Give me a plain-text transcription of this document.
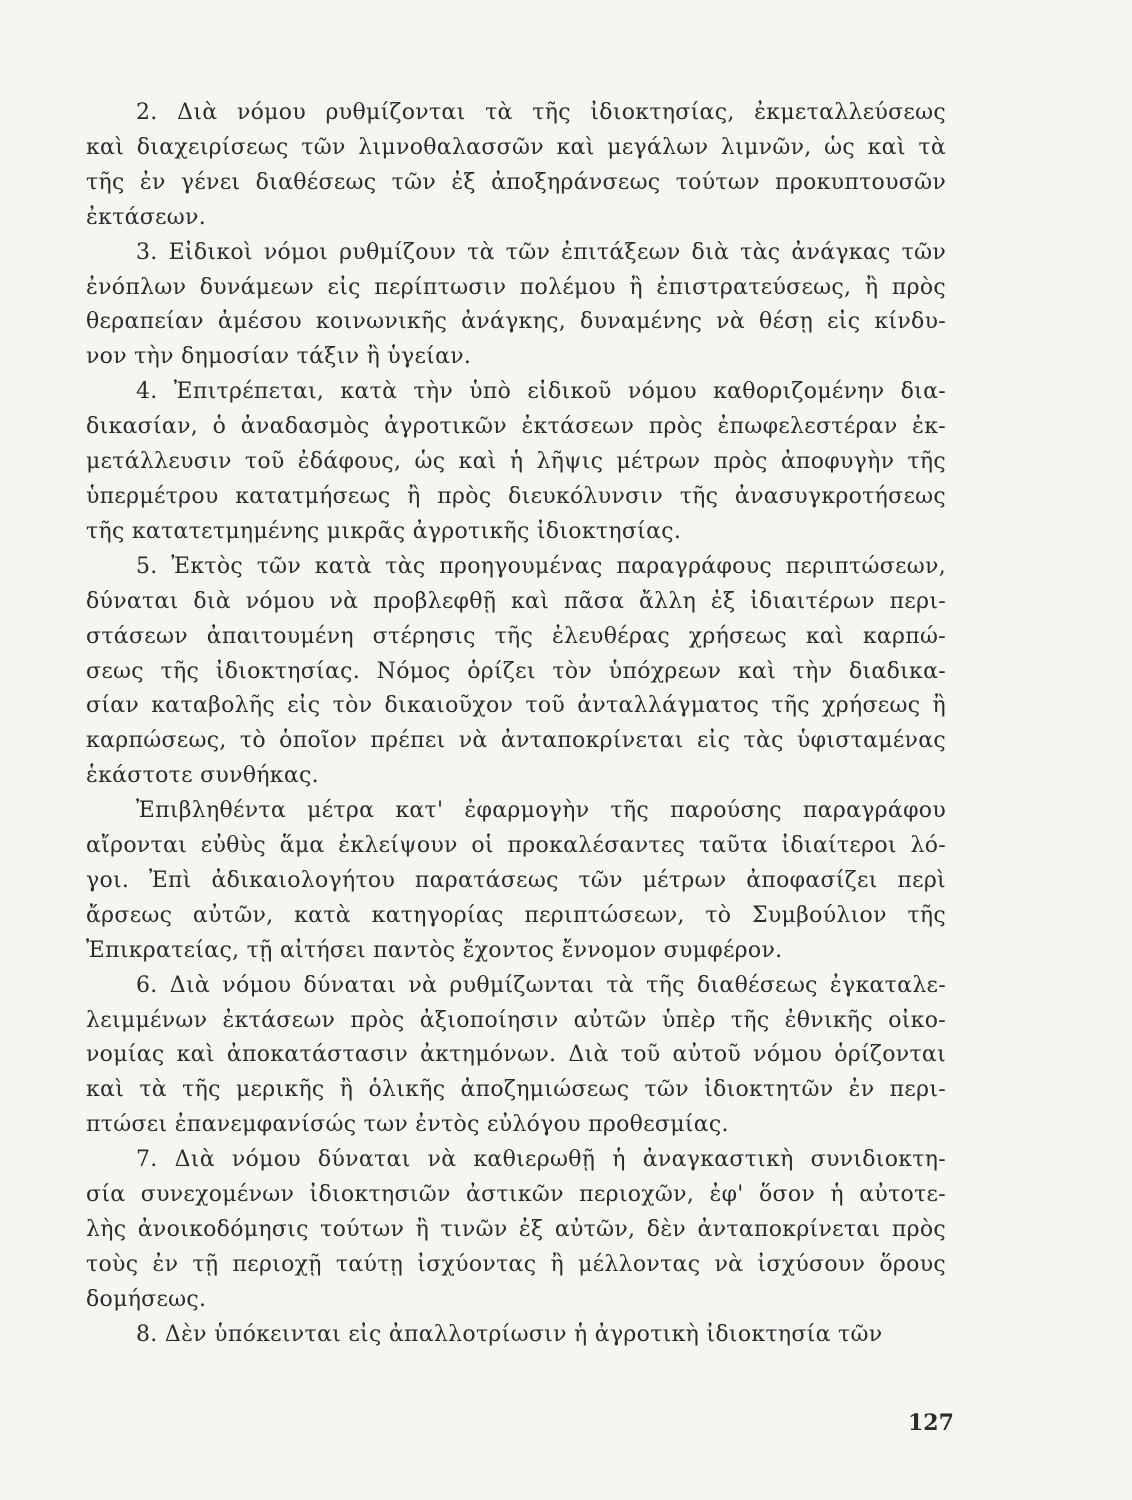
2. Διὰ νόμου ρυθμίζονται τὰ τῆς ἰδιοκτησίας, ἐκμεταλλεύσεως
καὶ διαχειρίσεως τῶν λιμνοθαλασσῶν καὶ μεγάλων λιμνῶν, ὡς καὶ τὰ
τῆς ἐν γένει διαθέσεως τῶν ἐξ ἀποξηράνσεως τούτων προκυπτουσῶν
ἐκτάσεων.

3. Εἰδικοὶ νόμοι ρυθμίζουν τὰ τῶν ἐπιτάξεων διὰ τὰς ἀνάγκας τῶν
ἐνόπλων δυνάμεων εἰς περίπτωσιν πολέμου ἢ ἐπιστρατεύσεως, ἢ πρὸς
θεραπείαν ἀμέσου κοινωνικῆς ἀνάγκης, δυναμένης νὰ θέσῃ εἰς κίνδυ-
νον τὴν δημοσίαν τάξιν ἢ ὑγείαν.

4. Ἐπιτρέπεται, κατὰ τὴν ὑπὸ εἰδικοῦ νόμου καθοριζομένην δια-
δικασίαν, ὁ ἀναδασμὸς ἀγροτικῶν ἐκτάσεων πρὸς ἐπωφελεστέραν ἐκ-
μετάλλευσιν τοῦ ἐδάφους, ὡς καὶ ἡ λῆψις μέτρων πρὸς ἀποφυγὴν τῆς
ὑπερμέτρου κατατμήσεως ἢ πρὸς διευκόλυνσιν τῆς ἀνασυγκροτήσεως
τῆς κατατετμημένης μικρᾶς ἀγροτικῆς ἰδιοκτησίας.

5. Ἐκτὸς τῶν κατὰ τὰς προηγουμένας παραγράφους περιπτώσεων,
δύναται διὰ νόμου νὰ προβλεφθῇ καὶ πᾶσα ἄλλη ἐξ ἰδιαιτέρων περι-
στάσεων ἀπαιτουμένη στέρησις τῆς ἐλευθέρας χρήσεως καὶ καρπώ-
σεως τῆς ἰδιοκτησίας. Νόμος ὁρίζει τὸν ὑπόχρεων καὶ τὴν διαδικα-
σίαν καταβολῆς εἰς τὸν δικαιοῦχον τοῦ ἀνταλλάγματος τῆς χρήσεως ἢ
καρπώσεως, τὸ ὁποῖον πρέπει νὰ ἀνταποκρίνεται εἰς τὰς ὑφισταμένας
ἑκάστοτε συνθήκας.

Ἐπιβληθέντα μέτρα κατ' ἐφαρμογὴν τῆς παρούσης παραγράφου
αἴρονται εὐθὺς ἅμα ἐκλείψουν οἱ προκαλέσαντες ταῦτα ἰδιαίτεροι λό-
γοι. Ἐπὶ ἀδικαιολογήτου παρατάσεως τῶν μέτρων ἀποφασίζει περὶ
ἄρσεως αὐτῶν, κατὰ κατηγορίας περιπτώσεων, τὸ Συμβούλιον τῆς
Ἐπικρατείας, τῇ αἰτήσει παντὸς ἔχοντος ἔννομον συμφέρον.

6. Διὰ νόμου δύναται νὰ ρυθμίζωνται τὰ τῆς διαθέσεως ἐγκαταλε-
λειμμένων ἐκτάσεων πρὸς ἀξιοποίησιν αὐτῶν ὑπὲρ τῆς ἐθνικῆς οἰκο-
νομίας καὶ ἀποκατάστασιν ἀκτημόνων. Διὰ τοῦ αὐτοῦ νόμου ὁρίζονται
καὶ τὰ τῆς μερικῆς ἢ ὁλικῆς ἀποζημιώσεως τῶν ἰδιοκτητῶν ἐν περι-
πτώσει ἐπανεμφανίσώς των ἐντὸς εὐλόγου προθεσμίας.

7. Διὰ νόμου δύναται νὰ καθιερωθῇ ἡ ἀναγκαστικὴ συνιδιοκτη-
σία συνεχομένων ἰδιοκτησιῶν ἀστικῶν περιοχῶν, ἐφ' ὅσον ἡ αὐτοτε-
λὴς ἀνοικοδόμησις τούτων ἢ τινῶν ἐξ αὐτῶν, δὲν ἀνταποκρίνεται πρὸς
τοὺς ἐν τῇ περιοχῇ ταύτῃ ἰσχύοντας ἢ μέλλοντας νὰ ἰσχύσουν ὅρους
δομήσεως.

8. Δὲν ὑπόκεινται εἰς ἀπαλλοτρίωσιν ἡ ἀγροτικὴ ἰδιοκτησία τῶν

127
